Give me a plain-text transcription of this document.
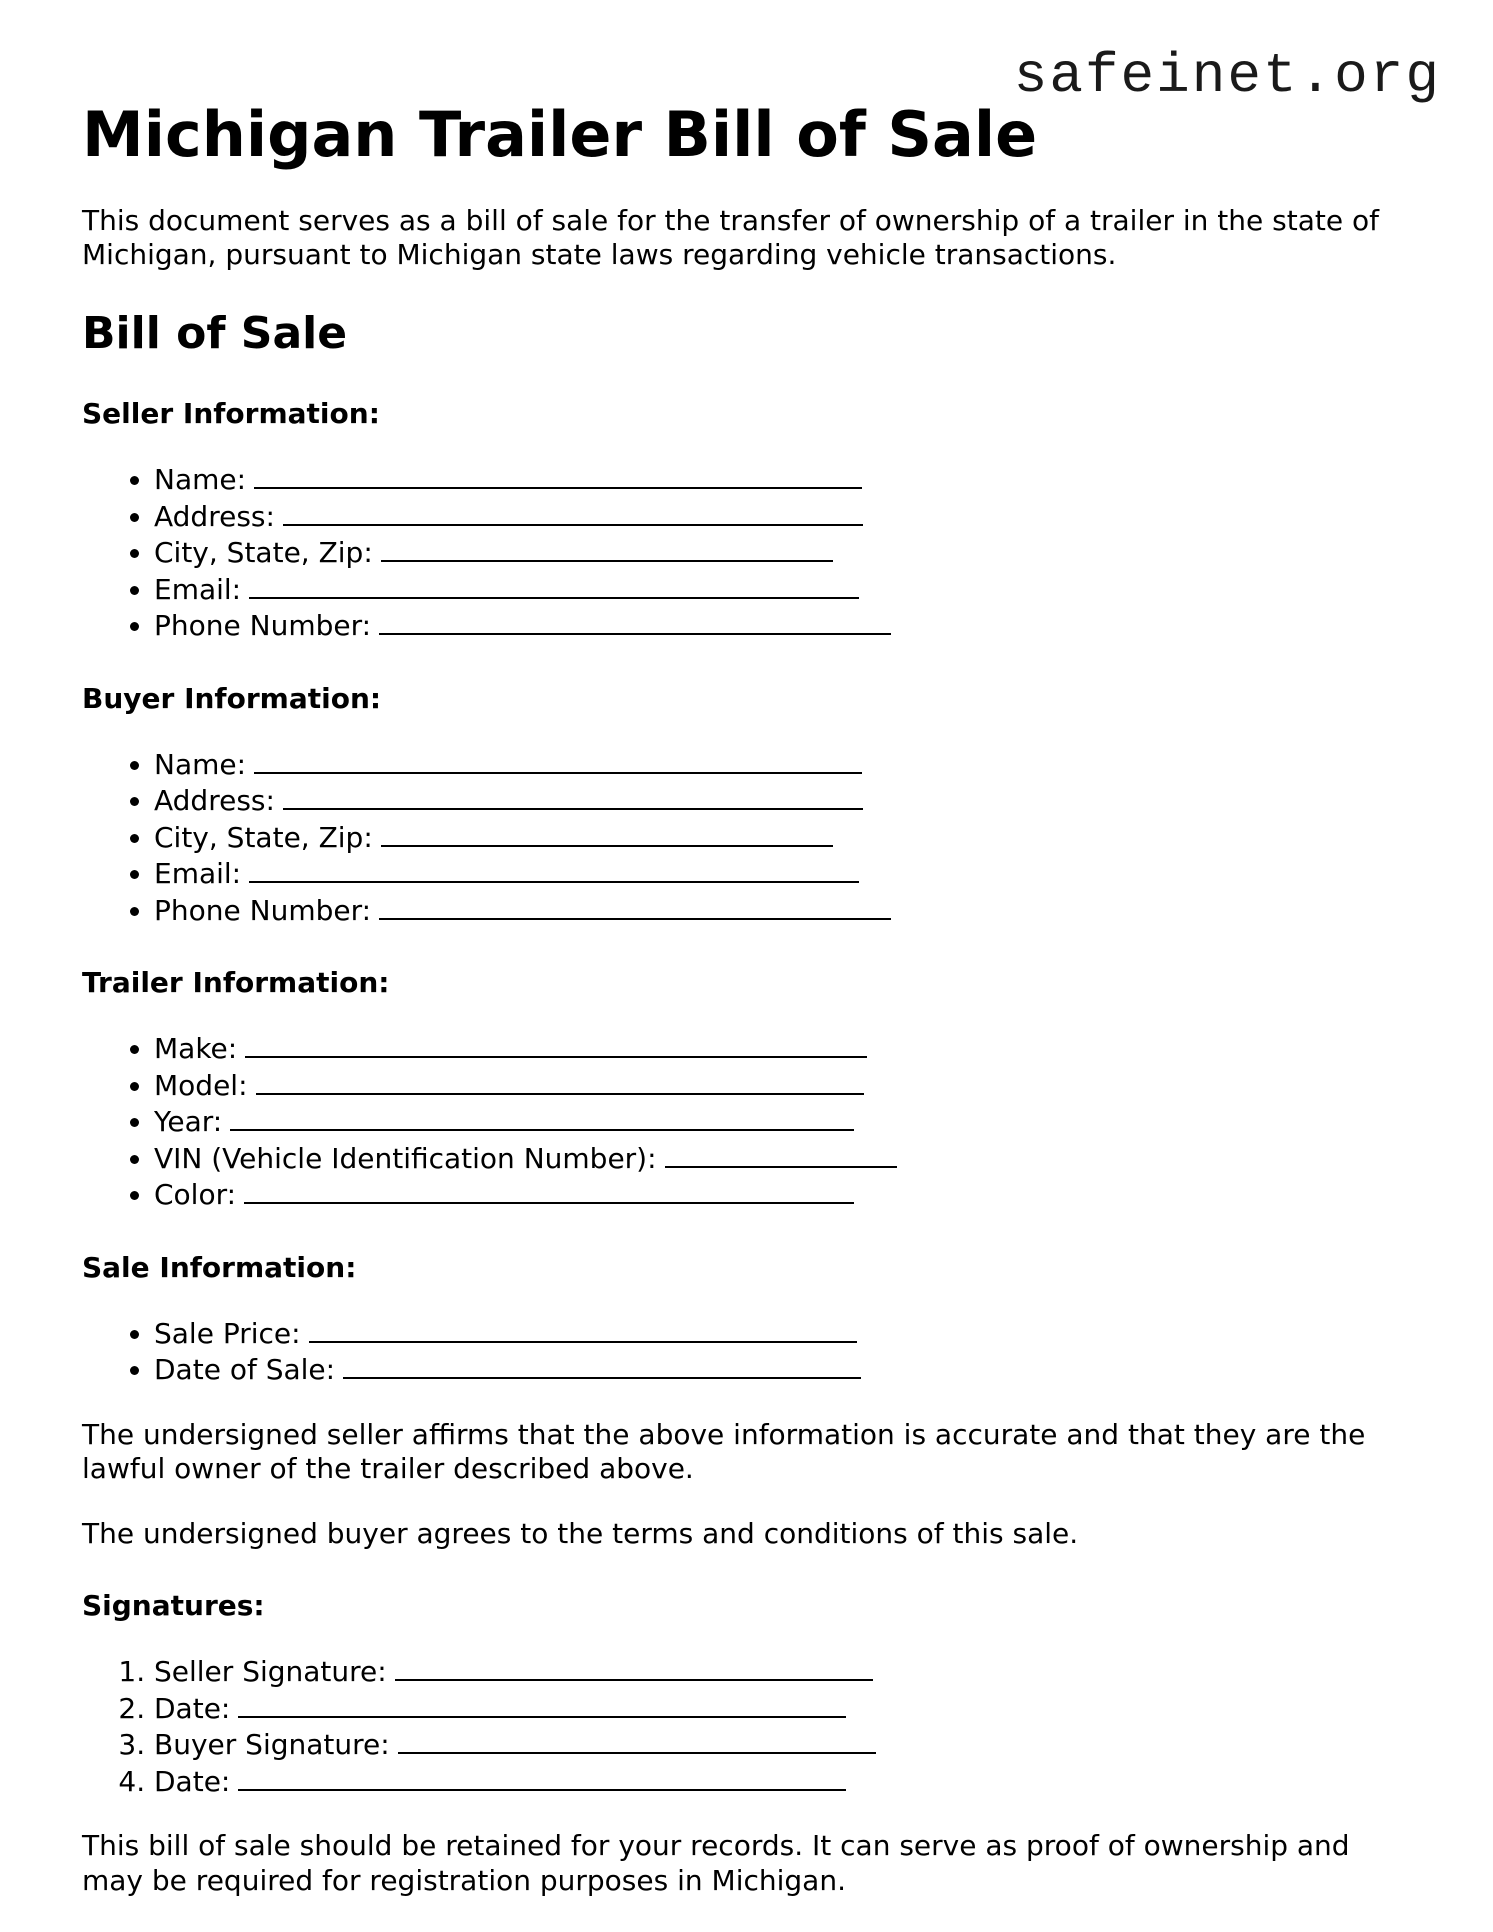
safeinet.org
Michigan Trailer Bill of Sale

This document serves as a bill of sale for the transfer of ownership of a trailer in the state of Michigan, pursuant to Michigan state laws regarding vehicle transactions.

Bill of Sale
Seller Information:
• Name:
• Address:
• City, State, Zip:
• Email:
• Phone Number:
Buyer Information:
• Name:
• Address:
• City, State, Zip:
• Email:
• Phone Number:
Trailer Information:
• Make:
• Model:
• Year:
• VIN (Vehicle Identification Number):
• Color:
Sale Information:
• Sale Price:
• Date of Sale:

The undersigned seller affirms that the above information is accurate and that they are the lawful owner of the trailer described above.

The undersigned buyer agrees to the terms and conditions of this sale.

Signatures:
1. Seller Signature:
2. Date:
3. Buyer Signature:
4. Date:

This bill of sale should be retained for your records. It can serve as proof of ownership and may be required for registration purposes in Michigan.
